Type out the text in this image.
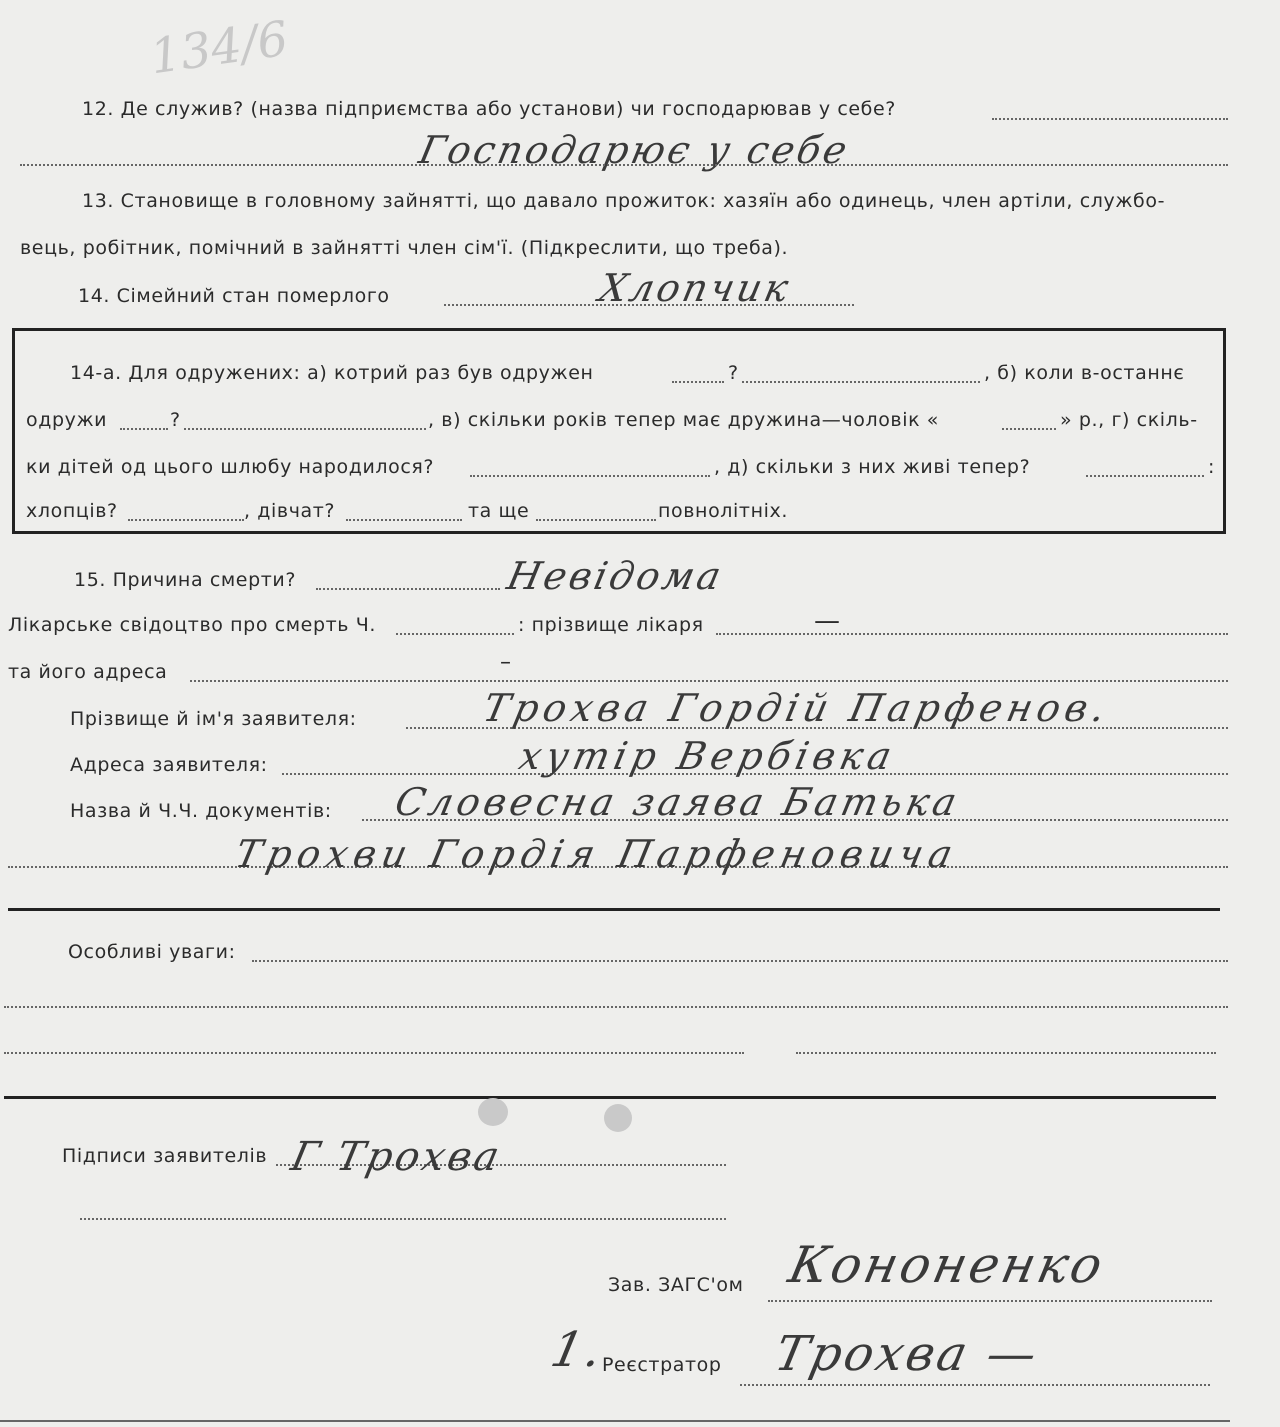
134/6
12. Де служив? (назва підприємства або установи) чи господарював у себе?
Господарює у себе
13. Становище в головному зайнятті, що давало прожиток: хазяїн або одинець, член артіли, службо-
вець, робітник, помічний в зайнятті член сім'ї. (Підкреслити, що треба).
14. Сімейний стан померлого	Хлопчик
14-а. Для одружених: а) котрий раз був одружен	?	, б) коли в-останнє
одружи	?	, в) скільки років тепер має дружина—чоловік «	» р., г) скіль-
ки дітей од цього шлюбу народилося?	, д) скільки з них живі тепер?	:
хлопців?	, дівчат?	та ще	повнолітніх.
15. Причина смерти?	Невідома
Лікарське свідоцтво про смерть Ч.	: прізвище лікаря	—
та його адреса	–
Прізвище й ім'я заявителя:	Трохва Гордій Парфенов.
Адреса заявителя:	хутір Вербівка
Назва й Ч.Ч. документів: Словесна заява Батька
Трохви Гордія Парфеновича
Особливі уваги:
Підписи заявителів Г Трохва
Зав. ЗАГС'ом Кононенко
1.
Реєстратор Трохва —
